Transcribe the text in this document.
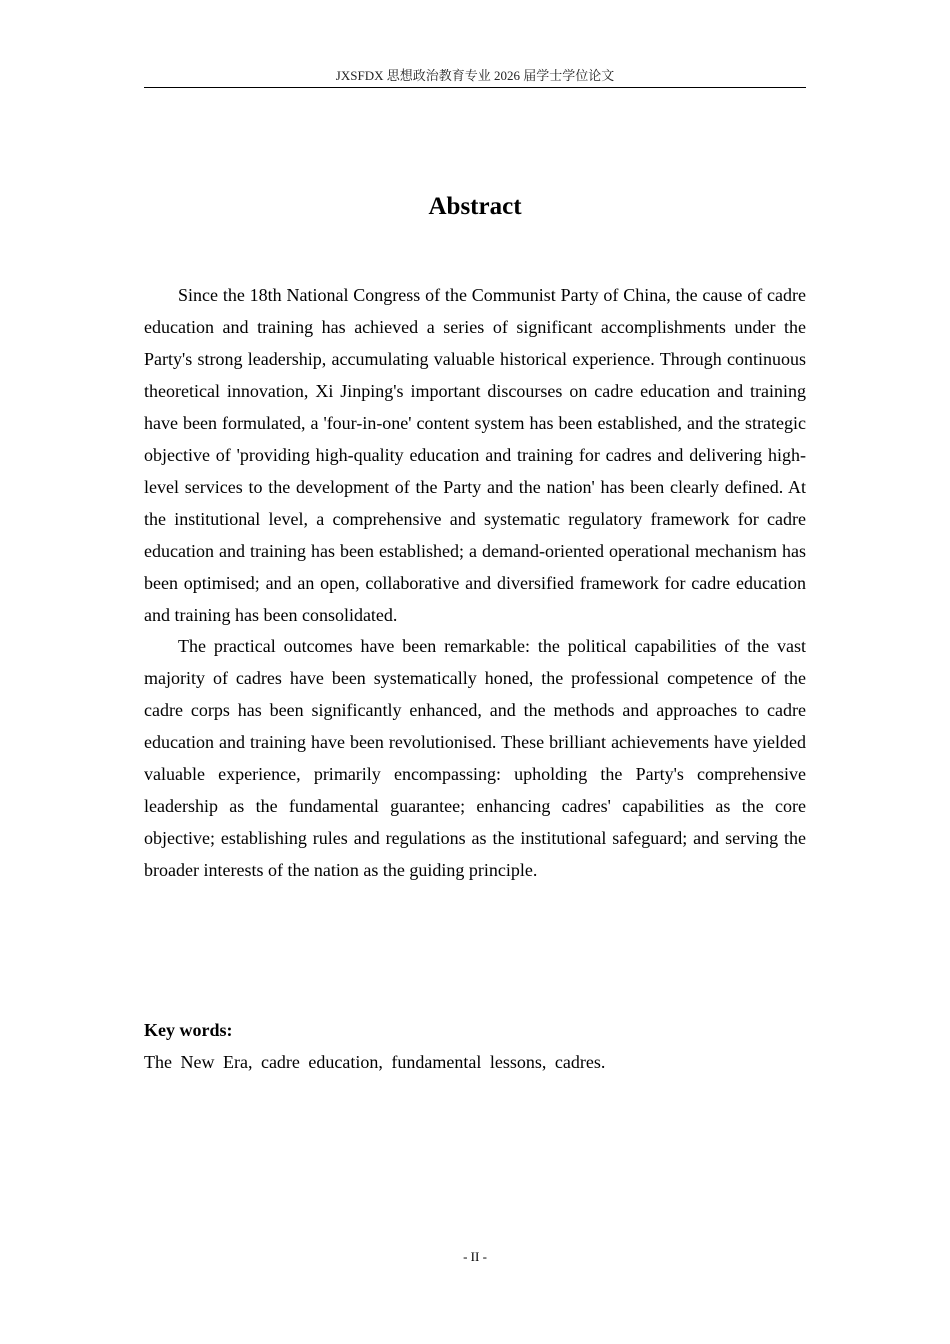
JXSFDX 思想政治教育专业 2026 届学士学位论文
Abstract

Since the 18th National Congress of the Communist Party of China, the cause of cadre education and training has achieved a series of significant accomplishments under the Party's strong leadership, accumulating valuable historical experience. Through continuous theoretical innovation, Xi Jinping's important discourses on cadre education and training have been formulated, a 'four-in-one' content system has been established, and the strategic objective of 'providing high-quality education and training for cadres and delivering high-level services to the development of the Party and the nation' has been clearly defined. At the institutional level, a comprehensive and systematic regulatory framework for cadre education and training has been established; a demand-oriented operational mechanism has been optimised; and an open, collaborative and diversified framework for cadre education and training has been consolidated.

The practical outcomes have been remarkable: the political capabilities of the vast majority of cadres have been systematically honed, the professional competence of the cadre corps has been significantly enhanced, and the methods and approaches to cadre education and training have been revolutionised. These brilliant achievements have yielded valuable experience, primarily encompassing: upholding the Party's comprehensive leadership as the fundamental guarantee; enhancing cadres' capabilities as the core objective; establishing rules and regulations as the institutional safeguard; and serving the broader interests of the nation as the guiding principle.

Key words:
The New Era, cadre education, fundamental lessons, cadres.
- II -
